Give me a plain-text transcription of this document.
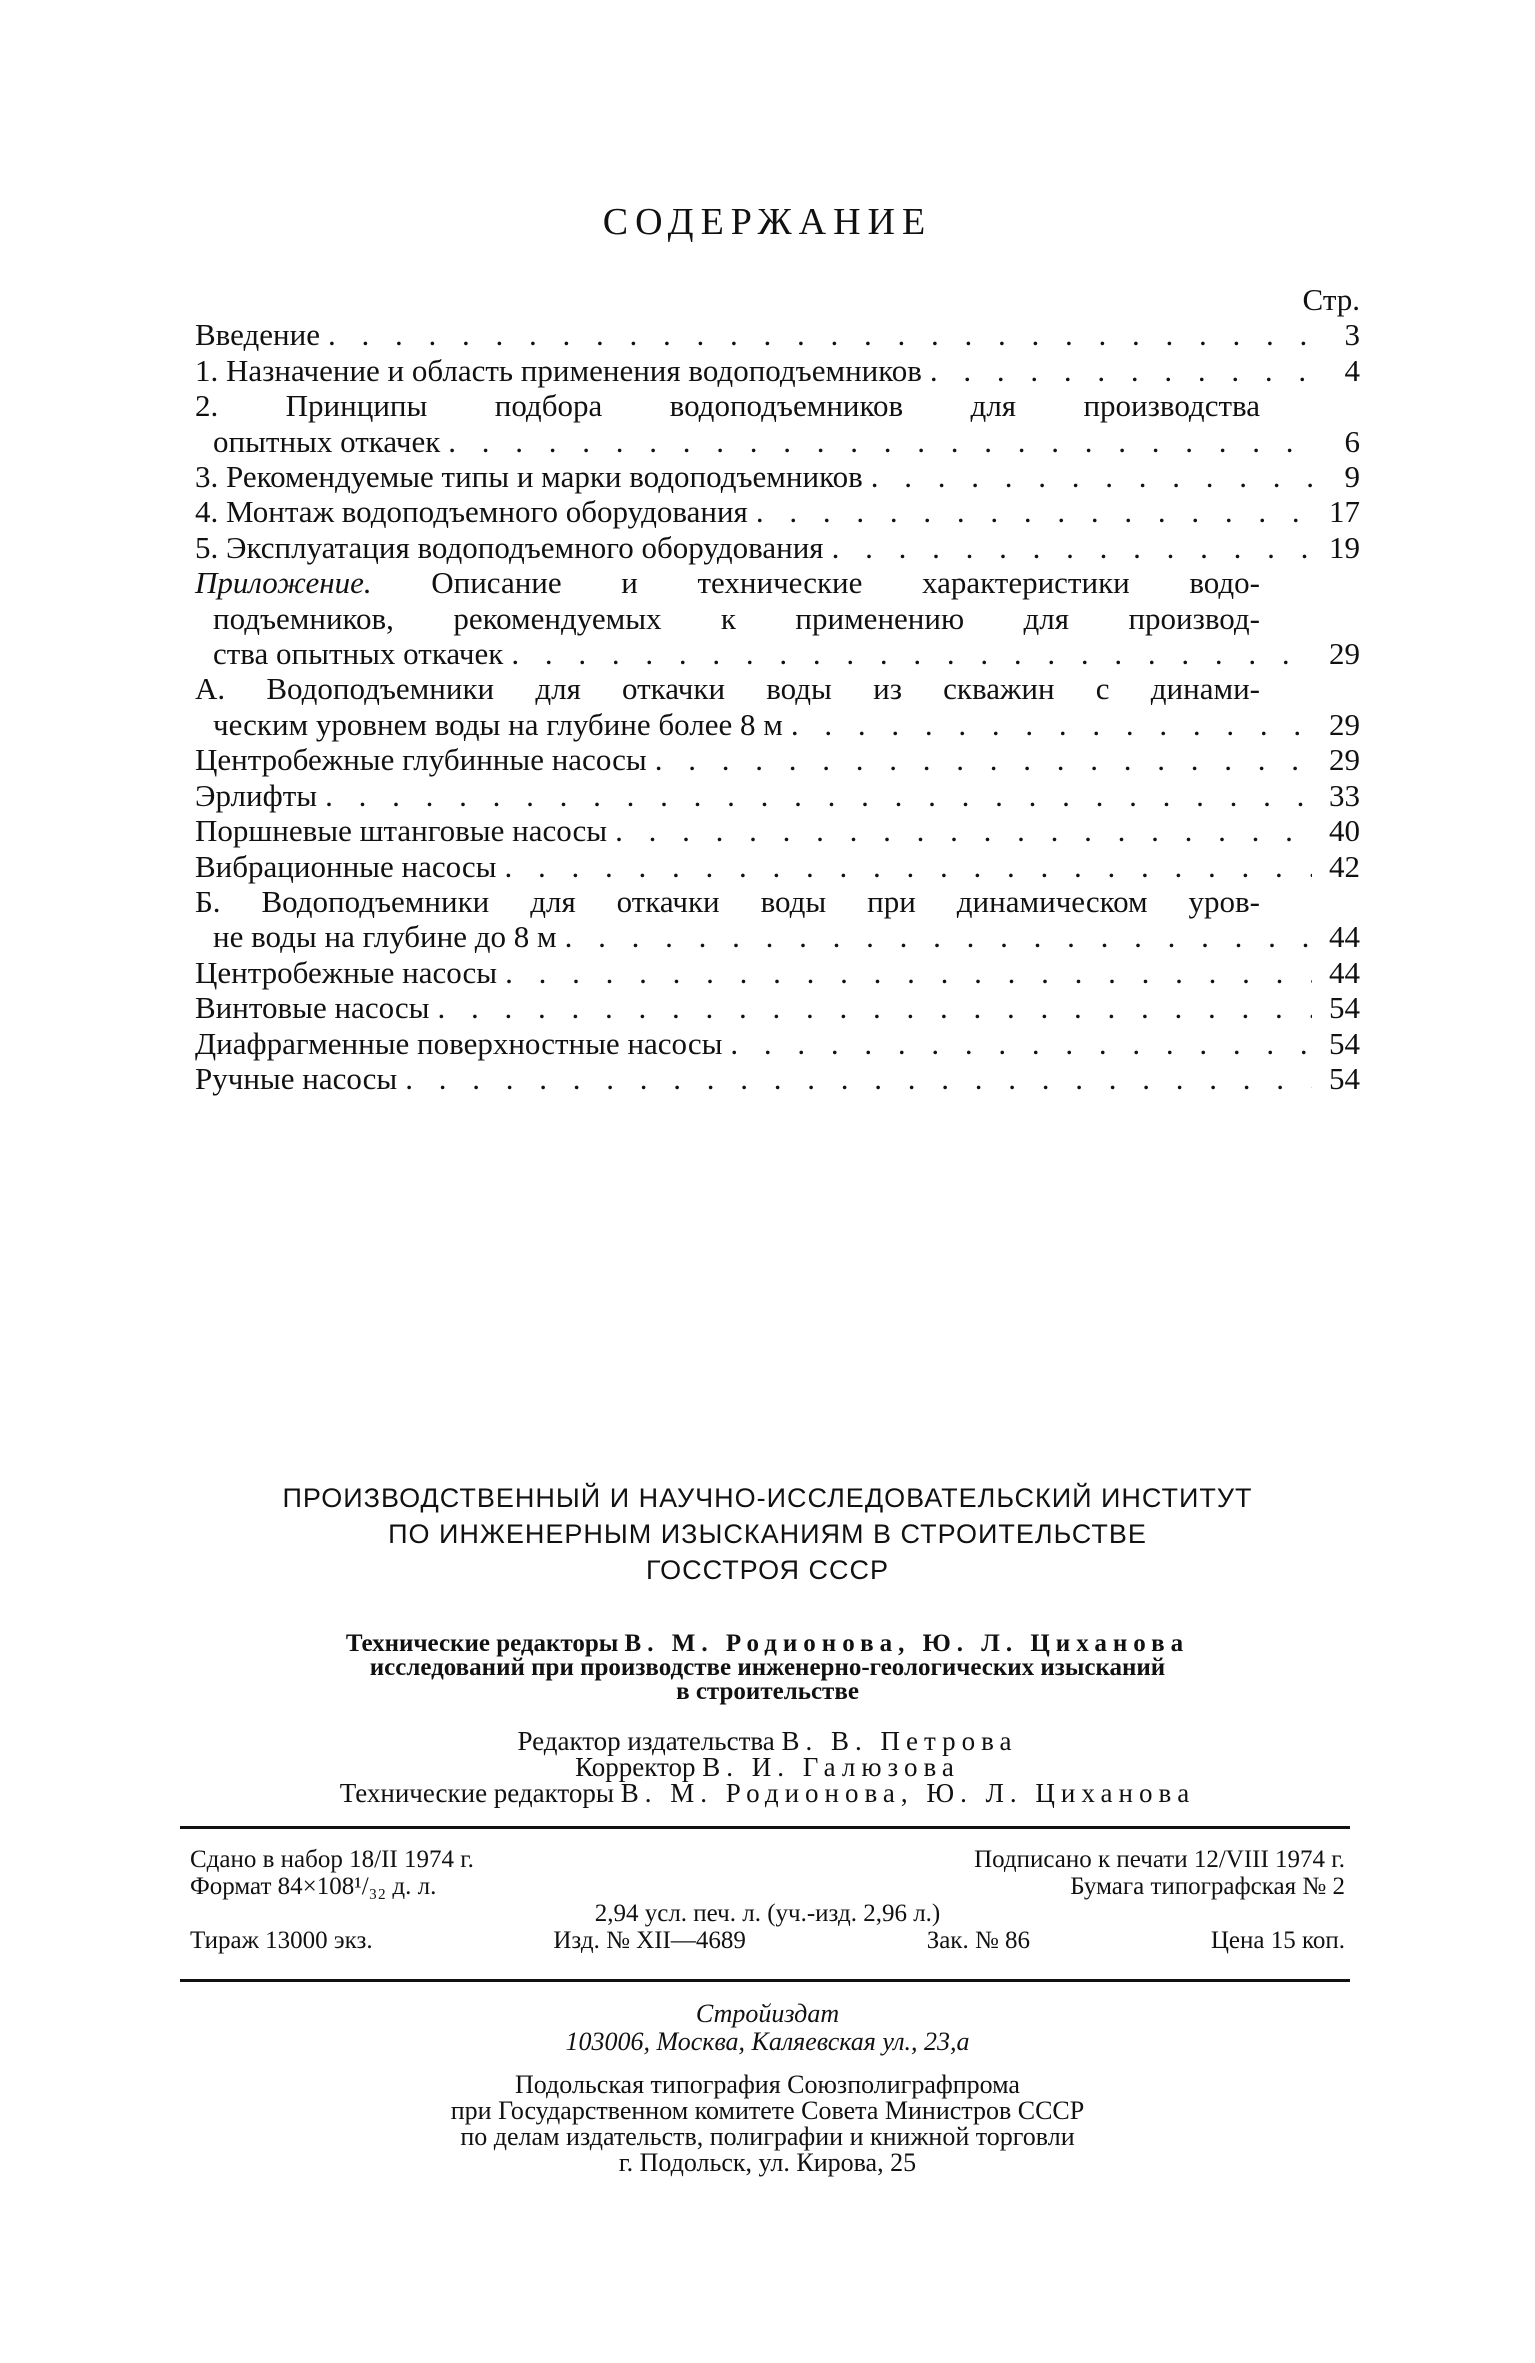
СОДЕРЖАНИЕ
Стр.
Введение . . .	3
1. Назначение и область применения водоподъемников . . .	4
2. Принципы подбора водоподъемников для производства
опытных откачек . . .	6
3. Рекомендуемые типы и марки водоподъемников . . .	9
4. Монтаж водоподъемного оборудования . . .	17
5. Эксплуатация водоподъемного оборудования . . .	19
Приложение. Описание и технические характеристики водо-
подъемников, рекомендуемых к применению для производ-
ства опытных откачек . . .	29
А. Водоподъемники для откачки воды из скважин с динами-
ческим уровнем воды на глубине более 8 м . . .	29
Центробежные глубинные насосы . . .	29
Эрлифты . . .	33
Поршневые штанговые насосы . . .	40
Вибрационные насосы . . .	42
Б. Водоподъемники для откачки воды при динамическом уров-
не воды на глубине до 8 м . . .	44
Центробежные насосы . . .	44
Винтовые насосы . . .	54
Диафрагменные поверхностные насосы . . .	54
Ручные насосы . . .	54
ПРОИЗВОДСТВЕННЫЙ И НАУЧНО-ИССЛЕДОВАТЕЛЬСКИЙ ИНСТИТУТ
ПО ИНЖЕНЕРНЫМ ИЗЫСКАНИЯМ В СТРОИТЕЛЬСТВЕ
ГОССТРОЯ СССР
Технические редакторы В. М. Родионова, Ю. Л. Цихановa
исследований при производстве инженерно-геологических изысканий
в строительстве
Редактор издательства В. В. Петрова
Корректор В. И. Галюзова
Технические редакторы В. М. Родионова, Ю. Л. Цихановa
Сдано в набор 18/II 1974 г.	Подписано к печати 12/VIII 1974 г.
Формат 84×108¹/₃₂ д. л.	Бумага типографская № 2
2,94 усл. печ. л. (уч.-изд. 2,96 л.)
Тираж 13000 экз.	Изд. № XII—4689	Зак. № 86	Цена 15 коп.
Стройиздат
103006, Москва, Каляевская ул., 23,а
Подольская типография Союзполиграфпрома
при Государственном комитете Совета Министров СССР
по делам издательств, полиграфии и книжной торговли
г. Подольск, ул. Кирова, 25
